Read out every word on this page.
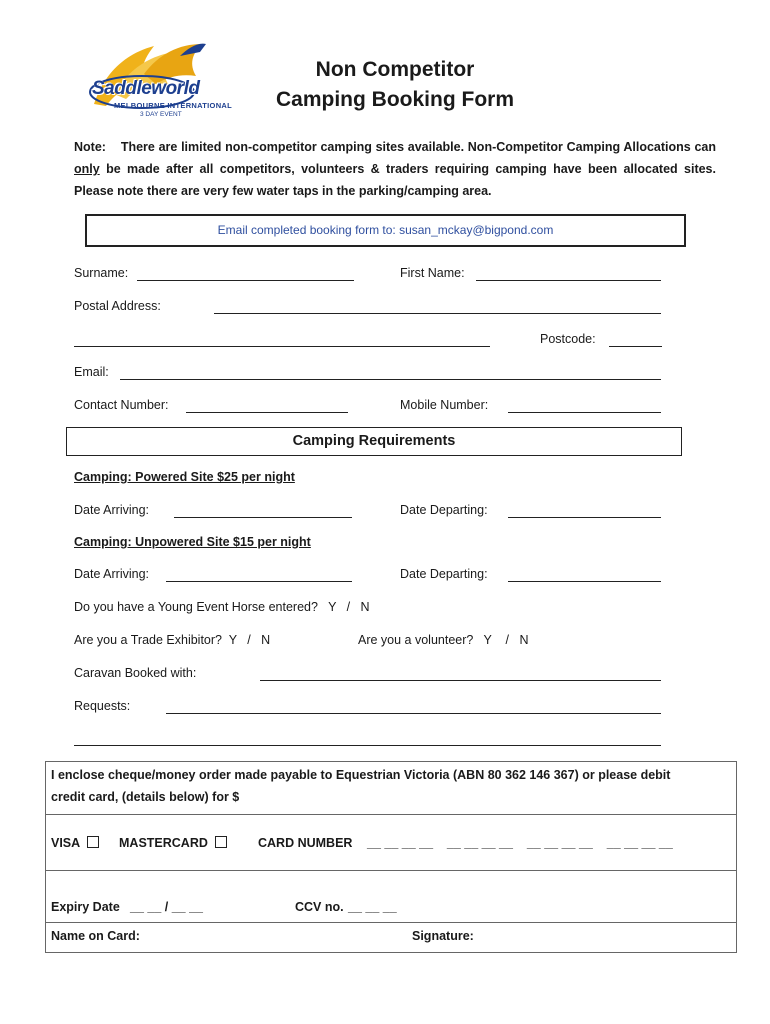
Saddleworld
MELBOURNE INTERNATIONAL
3 DAY EVENT
Non Competitor
Camping Booking Form
Note: There are limited non-competitor camping sites available. Non-Competitor Camping Allocations can only be made after all competitors, volunteers & traders requiring camping have been allocated sites. Please note there are very few water taps in the parking/camping area.
Email completed booking form to: susan_mckay@bigpond.com
Surname:	First Name:
Postal Address:
Postcode:
Email:
Contact Number:	Mobile Number:
Camping Requirements
Camping: Powered Site $25 per night
Date Arriving:	Date Departing:
Camping: Unpowered Site $15 per night
Date Arriving:	Date Departing:
Do you have a Young Event Horse entered?   Y   /   N
Are you a Trade Exhibitor?  Y   /   N	Are you a volunteer?   Y    /   N
Caravan Booked with:
Requests:
I enclose cheque/money order made payable to Equestrian Victoria (ABN 80 362 146 367) or please debit
credit card, (details below) for $
VISA	MASTERCARD	CARD NUMBER __ __ __ __    __ __ __ __    __ __ __ __    __ __ __ __
Expiry Date __ __ / __ __	CCV no. __ __ __
Name on Card:	Signature:
